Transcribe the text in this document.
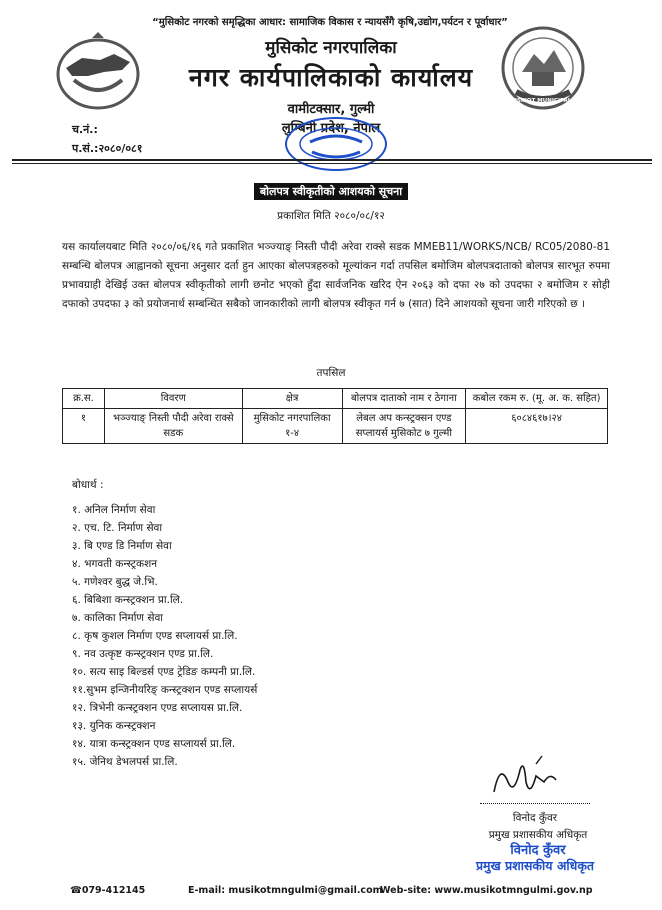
MUSIKOT MUNICIPALITY
“मुसिकोट नगरको समृद्धिका आधार: सामाजिक विकास र न्यायसँगै कृषि,उद्योग,पर्यटन र पूर्वाधार”
मुसिकोट नगरपालिका
नगर कार्यपालिकाको कार्यालय
वामीटक्सार, गुल्मी
लुम्बिनी प्रदेश, नेपाल
च.नं.:
प.सं.:२०८०/०८१
बोलपत्र स्वीकृतीको आशयको सूचना
प्रकाशित मिति २०८०/०८/१२
यस कार्यालयबाट मिति २०८०/०६/१६ गते प्रकाशित भञ्ज्याङ् निस्ती पौदी अरेवा राक्से सडक MMEB11/WORKS/NCB/ RC05/2080-81 सम्बन्धि बोलपत्र आह्वानको सूचना अनुसार दर्ता हुन आएका बोलपत्रहरुको मूल्यांकन गर्दा तपसिल बमोजिम बोलपत्रदाताको बोलपत्र सारभूत रुपमा प्रभावग्राही देखिई उक्त बोलपत्र स्वीकृतीको लागी छनोट भएको हुँदा सार्वजनिक खरिद ऐन २०६३ को दफा २७ को उपदफा २ बमोजिम र सोही दफाको उपदफा ३ को प्रयोजनार्थ सम्बन्धित सबैको जानकारीको लागी बोलपत्र स्वीकृत गर्न ७ (सात) दिने आशयको सूचना जारी गरिएको छ ।
तपसिल
क्र.स.	विवरण	क्षेत्र	बोलपत्र दाताको नाम र ठेगाना	कबोल रकम रु. (मू. अ. क. सहित)
१	भञ्ज्याङ् निस्ती पौदी अरेवा राक्से सडक	मुसिकोट नगरपालिका १-४	लेबल अप कन्स्ट्रक्सन एण्ड सप्लायर्स मुसिकोट ७ गुल्मी	६०८४६१७।२४
बोधार्थ :
१. अनिल निर्माण सेवा
२. एच. टि. निर्माण सेवा
३. बि एण्ड डि निर्माण सेवा
४. भगवती कन्स्ट्रकशन
५. गणेश्वर बुद्ध जे.भि.
६. बिबिशा कन्स्ट्रक्शन प्रा.लि.
७. कालिका निर्माण सेवा
८. कृष कुशल निर्माण एण्ड सप्लायर्स प्रा.लि.
९. नव उत्कृष्ट कन्स्ट्रक्शन एण्ड प्रा.लि.
१०. सत्य साइ बिल्डर्स एण्ड ट्रेडिङ कम्पनी प्रा.लि.
११.सुभम इन्जिनीयरिङ् कन्स्ट्रक्शन एण्ड सप्लायर्स
१२. त्रिभेनी कन्स्ट्रक्शन एण्ड सप्लायस प्रा.लि.
१३. युनिक कन्स्ट्रक्शन
१४. यात्रा कन्स्ट्रक्शन एण्ड सप्लायर्स प्रा.लि.
१५. जेनिथ डेभलपर्स प्रा.लि.
विनोद कुँवर
प्रमुख प्रशासकीय अधिकृत
विनोद कुँवर
प्रमुख प्रशासकीय अधिकृत
☎079-412145	E-mail: musikotmngulmi@gmail.com
Web-site: www.musikotmngulmi.gov.np
